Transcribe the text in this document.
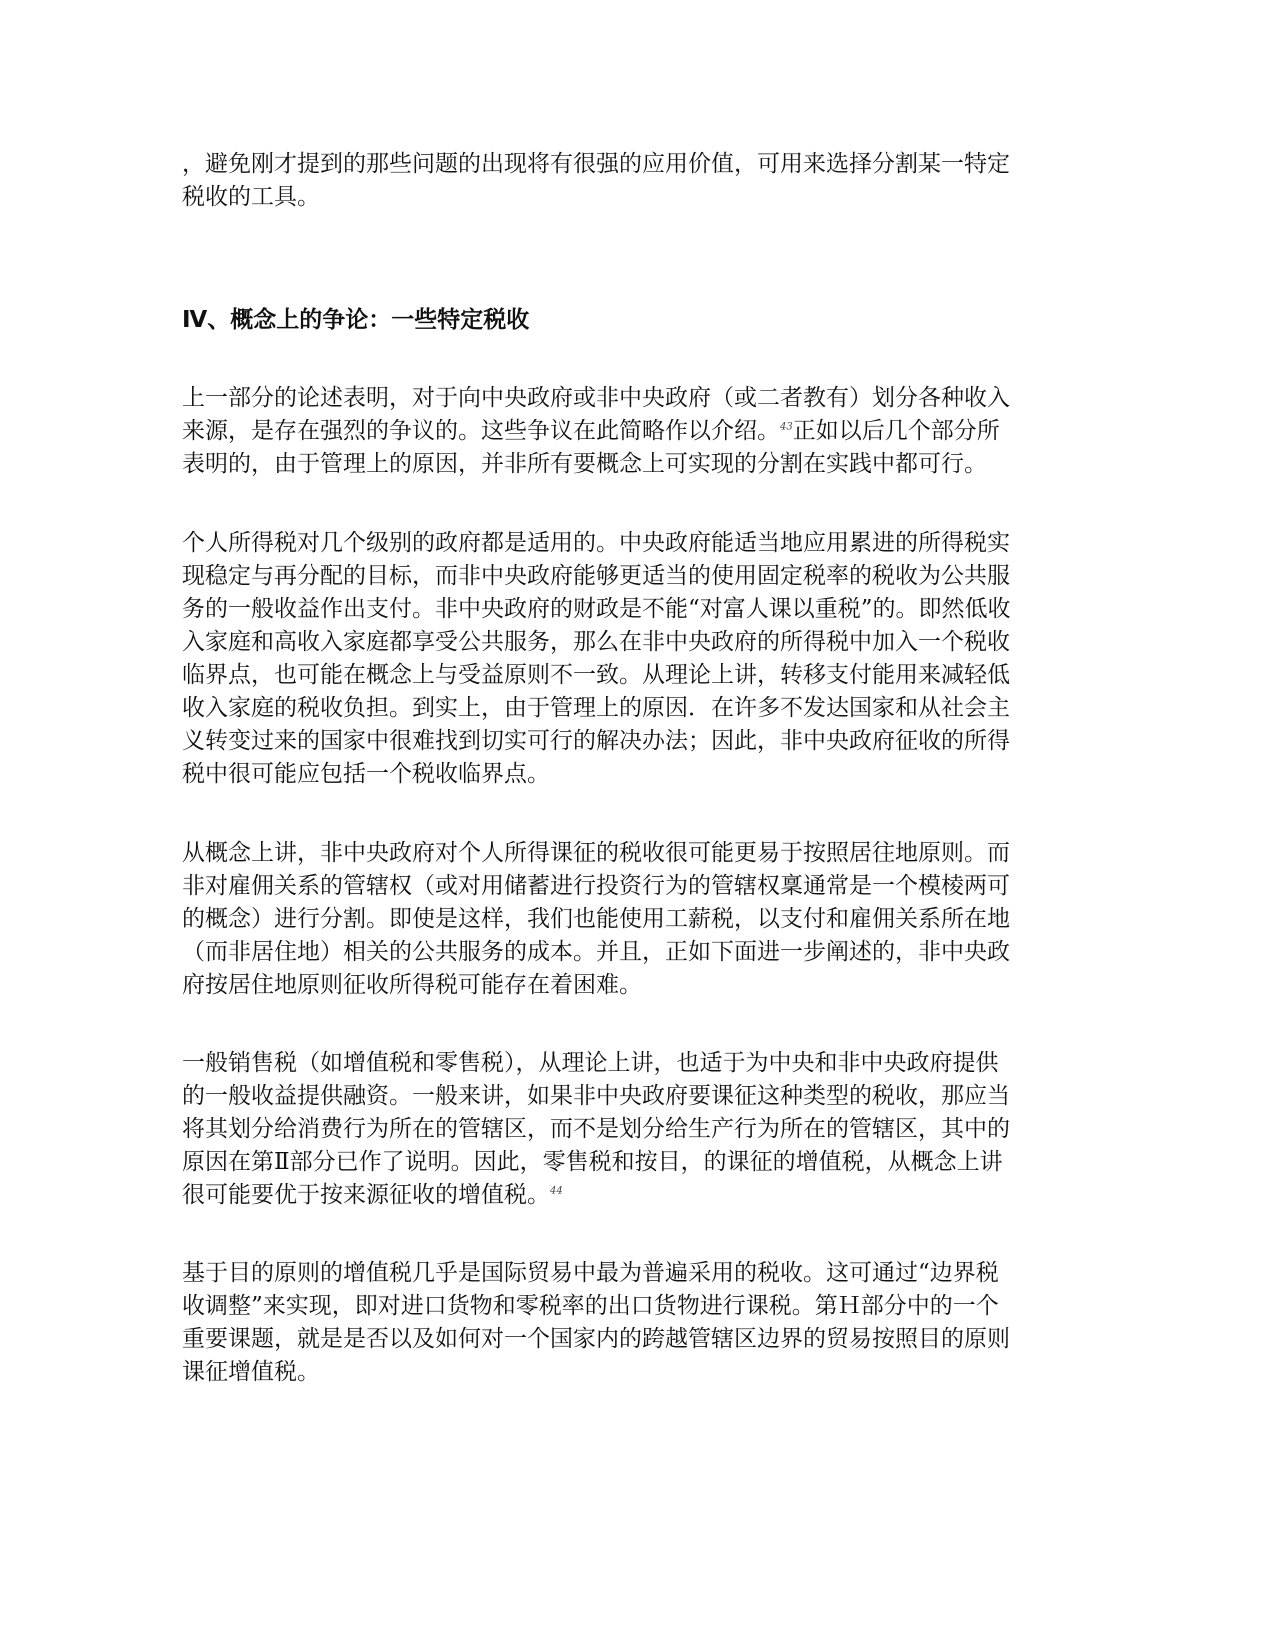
，避免刚才提到的那些问题的出现将有很强的应用价值，可用来选择分割某一特定
税收的工具。

Ⅳ、概念上的争论：一些特定税收

上一部分的论述表明，对于向中央政府或非中央政府（或二者教有）划分各种收入
来源，是存在强烈的争议的。这些争议在此简略作以介绍。$^{43}$正如以后几个部分所
表明的，由于管理上的原因，并非所有要概念上可实现的分割在实践中都可行。

个人所得税对几个级别的政府都是适用的。中央政府能适当地应用累进的所得税实
现稳定与再分配的目标，而非中央政府能够更适当的使用固定税率的税收为公共服
务的一般收益作出支付。非中央政府的财政是不能“对富人课以重税”的。即然低收
入家庭和高收入家庭都享受公共服务，那么在非中央政府的所得税中加入一个税收
临界点，也可能在概念上与受益原则不一致。从理论上讲，转移支付能用来减轻低
收入家庭的税收负担。到实上，由于管理上的原因．在许多不发达国家和从社会主
义转变过来的国家中很难找到切实可行的解决办法；因此，非中央政府征收的所得
税中很可能应包括一个税收临界点。

从概念上讲，非中央政府对个人所得课征的税收很可能更易于按照居往地原则。而
非对雇佣关系的管辖权（或对用储蓄进行投资行为的管辖权稟通常是一个模棱两可
的概念）进行分割。即使是这样，我们也能使用工薪税，以支付和雇佣关系所在地
（而非居住地）相关的公共服务的成本。并且，正如下面进一步阐述的，非中央政
府按居住地原则征收所得税可能存在着困难。

一般销售税（如增值税和零售税），从理论上讲，也适于为中央和非中央政府提供
的一般收益提供融资。一般来讲，如果非中央政府要课征这种类型的税收，那应当
将其划分给消费行为所在的管辖区，而不是划分给生产行为所在的管辖区，其中的
原因在第Ⅱ部分已作了说明。因此，零售税和按目，的课征的增值税，从概念上讲
很可能要优于按来源征收的增值税。$^{44}$

基于目的原则的增值税几乎是国际贸易中最为普遍采用的税收。这可通过“边界税
收调整”来实现，即对进口货物和零税率的出口货物进行课税。第Ｈ部分中的一个
重要课题，就是是否以及如何对一个国家内的跨越管辖区边界的贸易按照目的原则
课征增值税。
